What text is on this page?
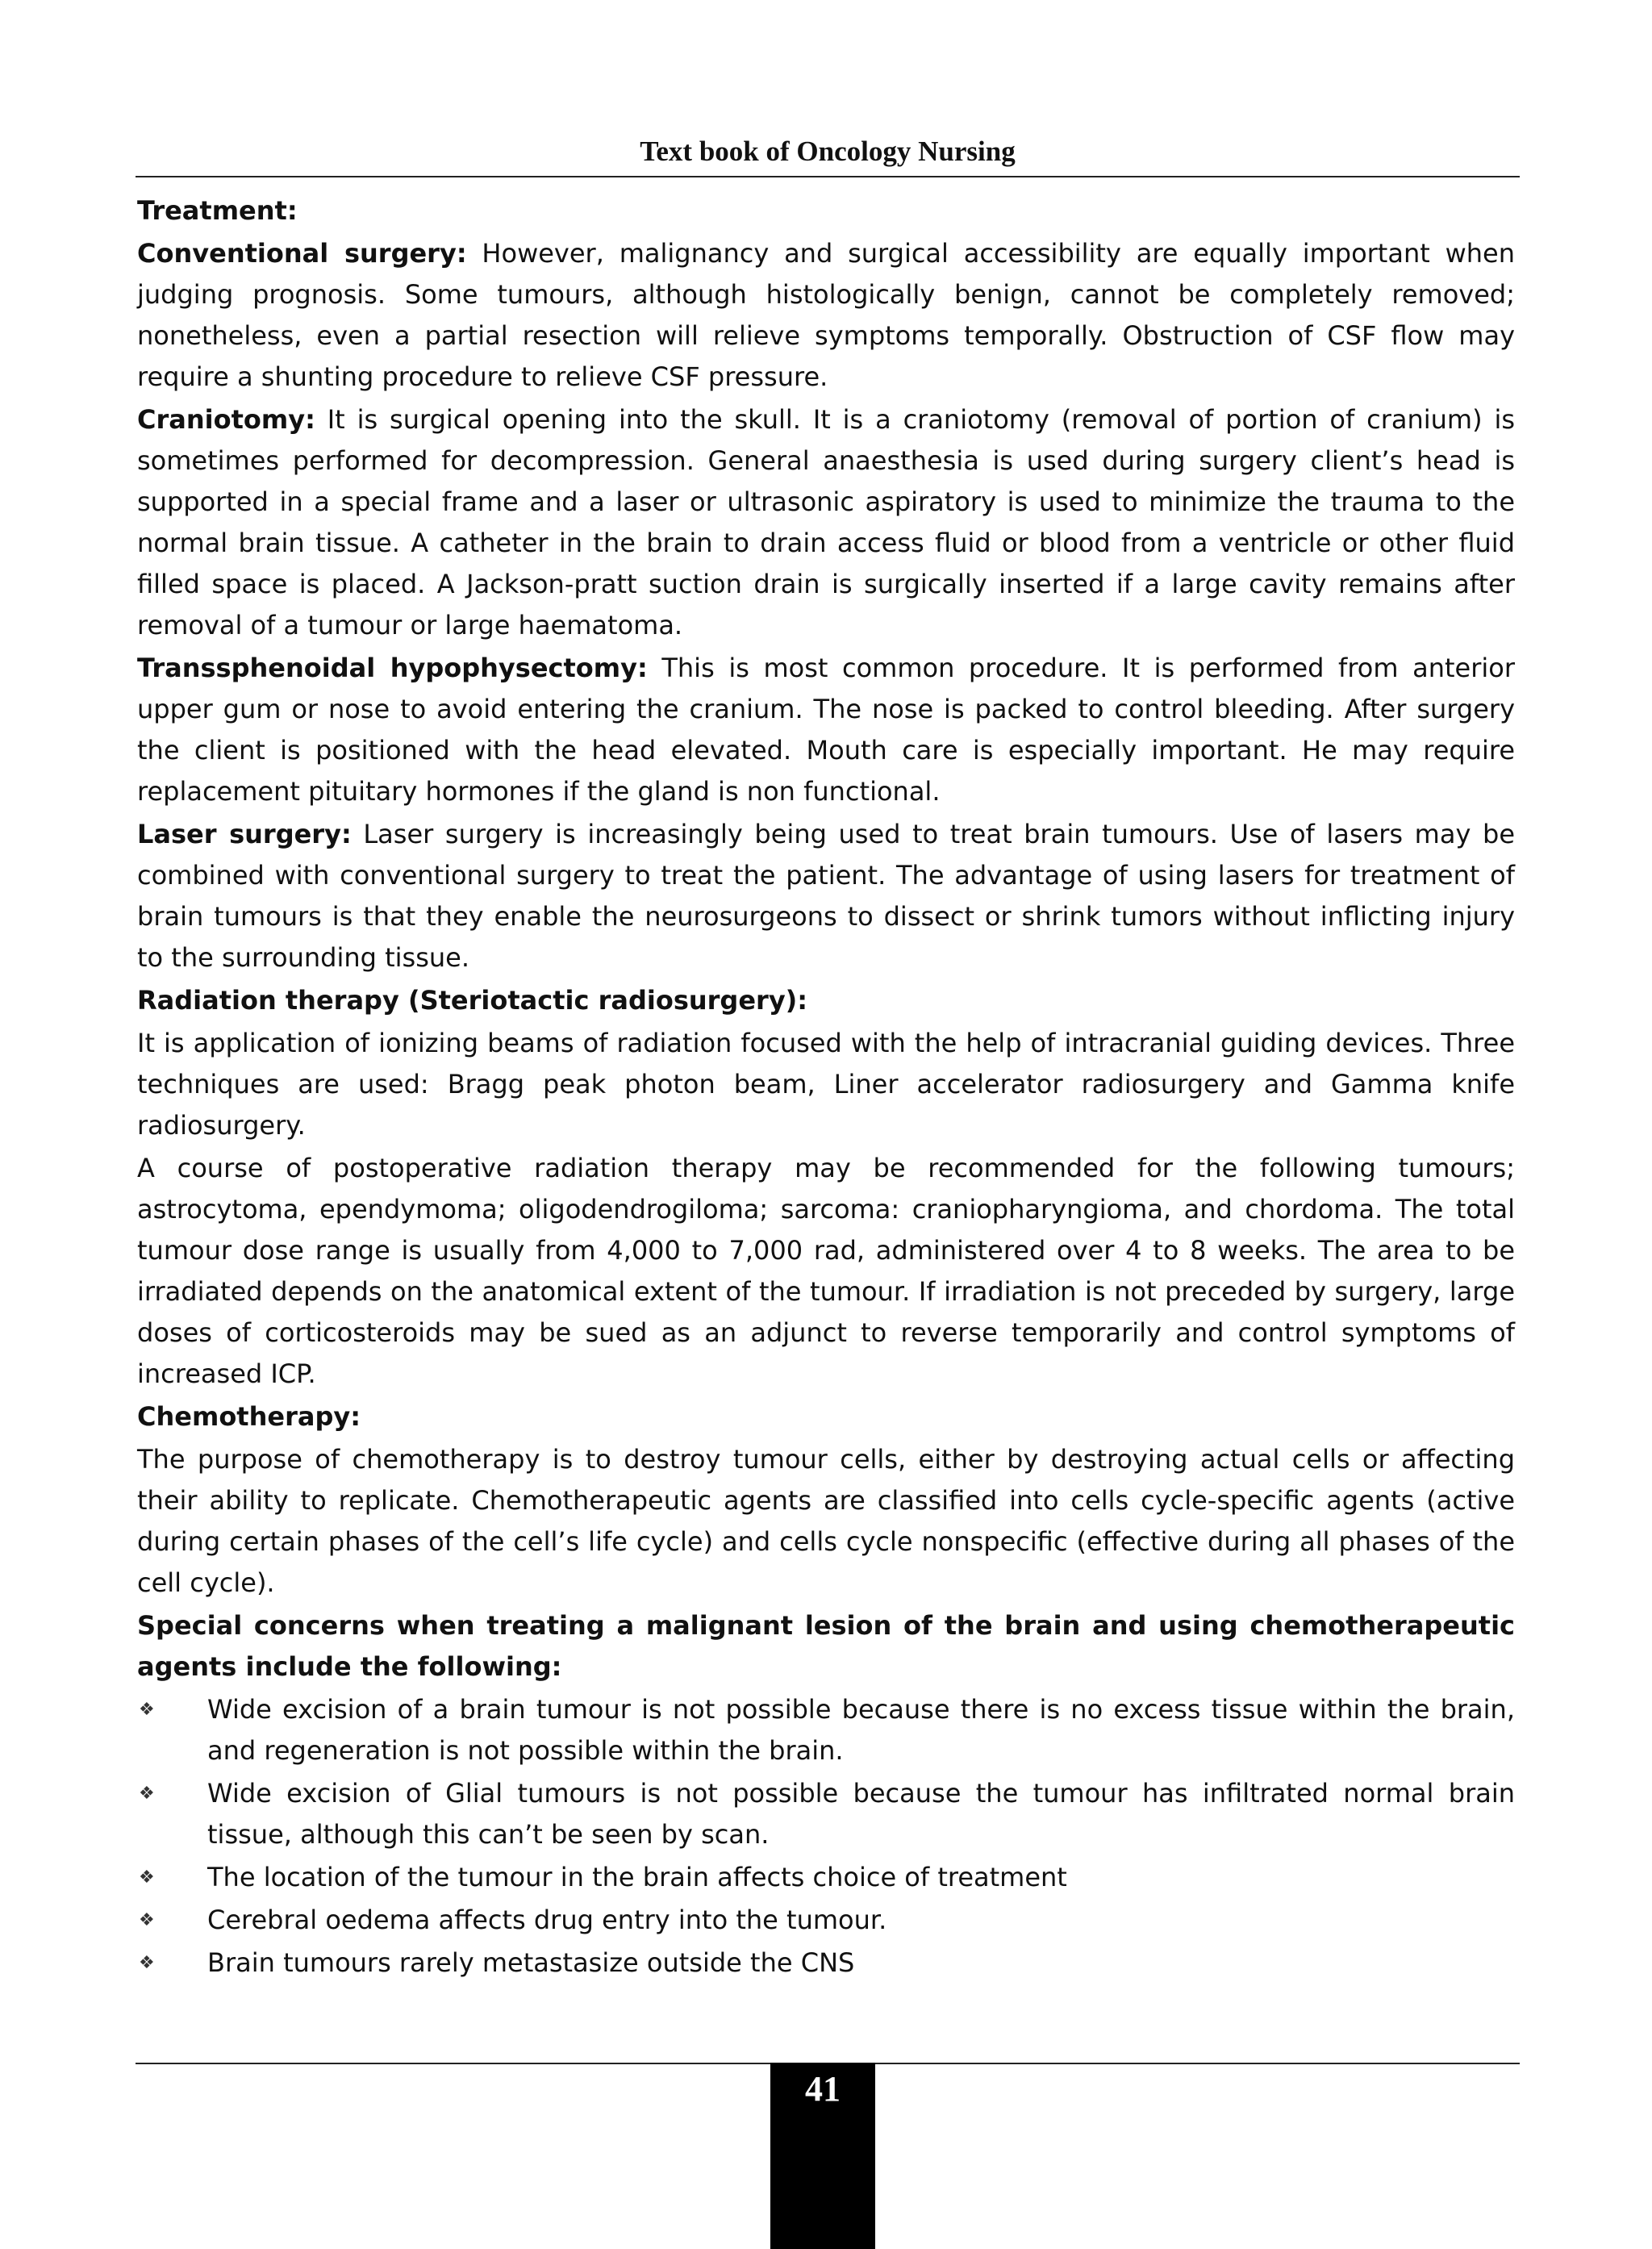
Text book of Oncology Nursing

Treatment:

Conventional surgery: However, malignancy and surgical accessibility are equally important when judging prognosis. Some tumours, although histologically benign, cannot be completely removed; nonetheless, even a partial resection will relieve symptoms temporally. Obstruction of CSF flow may require a shunting procedure to relieve CSF pressure.

Craniotomy: It is surgical opening into the skull. It is a craniotomy (removal of portion of cranium) is sometimes performed for decompression. General anaesthesia is used during surgery client’s head is supported in a special frame and a laser or ultrasonic aspiratory is used to minimize the trauma to the normal brain tissue. A catheter in the brain to drain access fluid or blood from a ventricle or other fluid filled space is placed. A Jackson-pratt suction drain is surgically inserted if a large cavity remains after removal of a tumour or large haematoma.

Transsphenoidal hypophysectomy: This is most common procedure. It is performed from anterior upper gum or nose to avoid entering the cranium. The nose is packed to control bleeding. After surgery the client is positioned with the head elevated. Mouth care is especially important. He may require replacement pituitary hormones if the gland is non functional.

Laser surgery: Laser surgery is increasingly being used to treat brain tumours. Use of lasers may be combined with conventional surgery to treat the patient. The advantage of using lasers for treatment of brain tumours is that they enable the neurosurgeons to dissect or shrink tumors without inflicting injury to the surrounding tissue.

Radiation therapy (Steriotactic radiosurgery):

It is application of ionizing beams of radiation focused with the help of intracranial guiding devices. Three techniques are used: Bragg peak photon beam, Liner accelerator radiosurgery and Gamma knife radiosurgery.

A course of postoperative radiation therapy may be recommended for the following tumours; astrocytoma, ependymoma; oligodendrogiloma; sarcoma: craniopharyngioma, and chordoma. The total tumour dose range is usually from 4,000 to 7,000 rad, administered over 4 to 8 weeks. The area to be irradiated depends on the anatomical extent of the tumour. If irradiation is not preceded by surgery, large doses of corticosteroids may be sued as an adjunct to reverse temporarily and control symptoms of increased ICP.

Chemotherapy:

The purpose of chemotherapy is to destroy tumour cells, either by destroying actual cells or affecting their ability to replicate. Chemotherapeutic agents are classified into cells cycle-specific agents (active during certain phases of the cell’s life cycle) and cells cycle nonspecific (effective during all phases of the cell cycle).

Special concerns when treating a malignant lesion of the brain and using chemotherapeutic agents include the following:

❖	Wide excision of a brain tumour is not possible because there is no excess tissue within the brain, and regeneration is not possible within the brain.
❖	Wide excision of Glial tumours is not possible because the tumour has infiltrated normal brain tissue, although this can’t be seen by scan.
❖	The location of the tumour in the brain affects choice of treatment
❖	Cerebral oedema affects drug entry into the tumour.
❖	Brain tumours rarely metastasize outside the CNS
41
